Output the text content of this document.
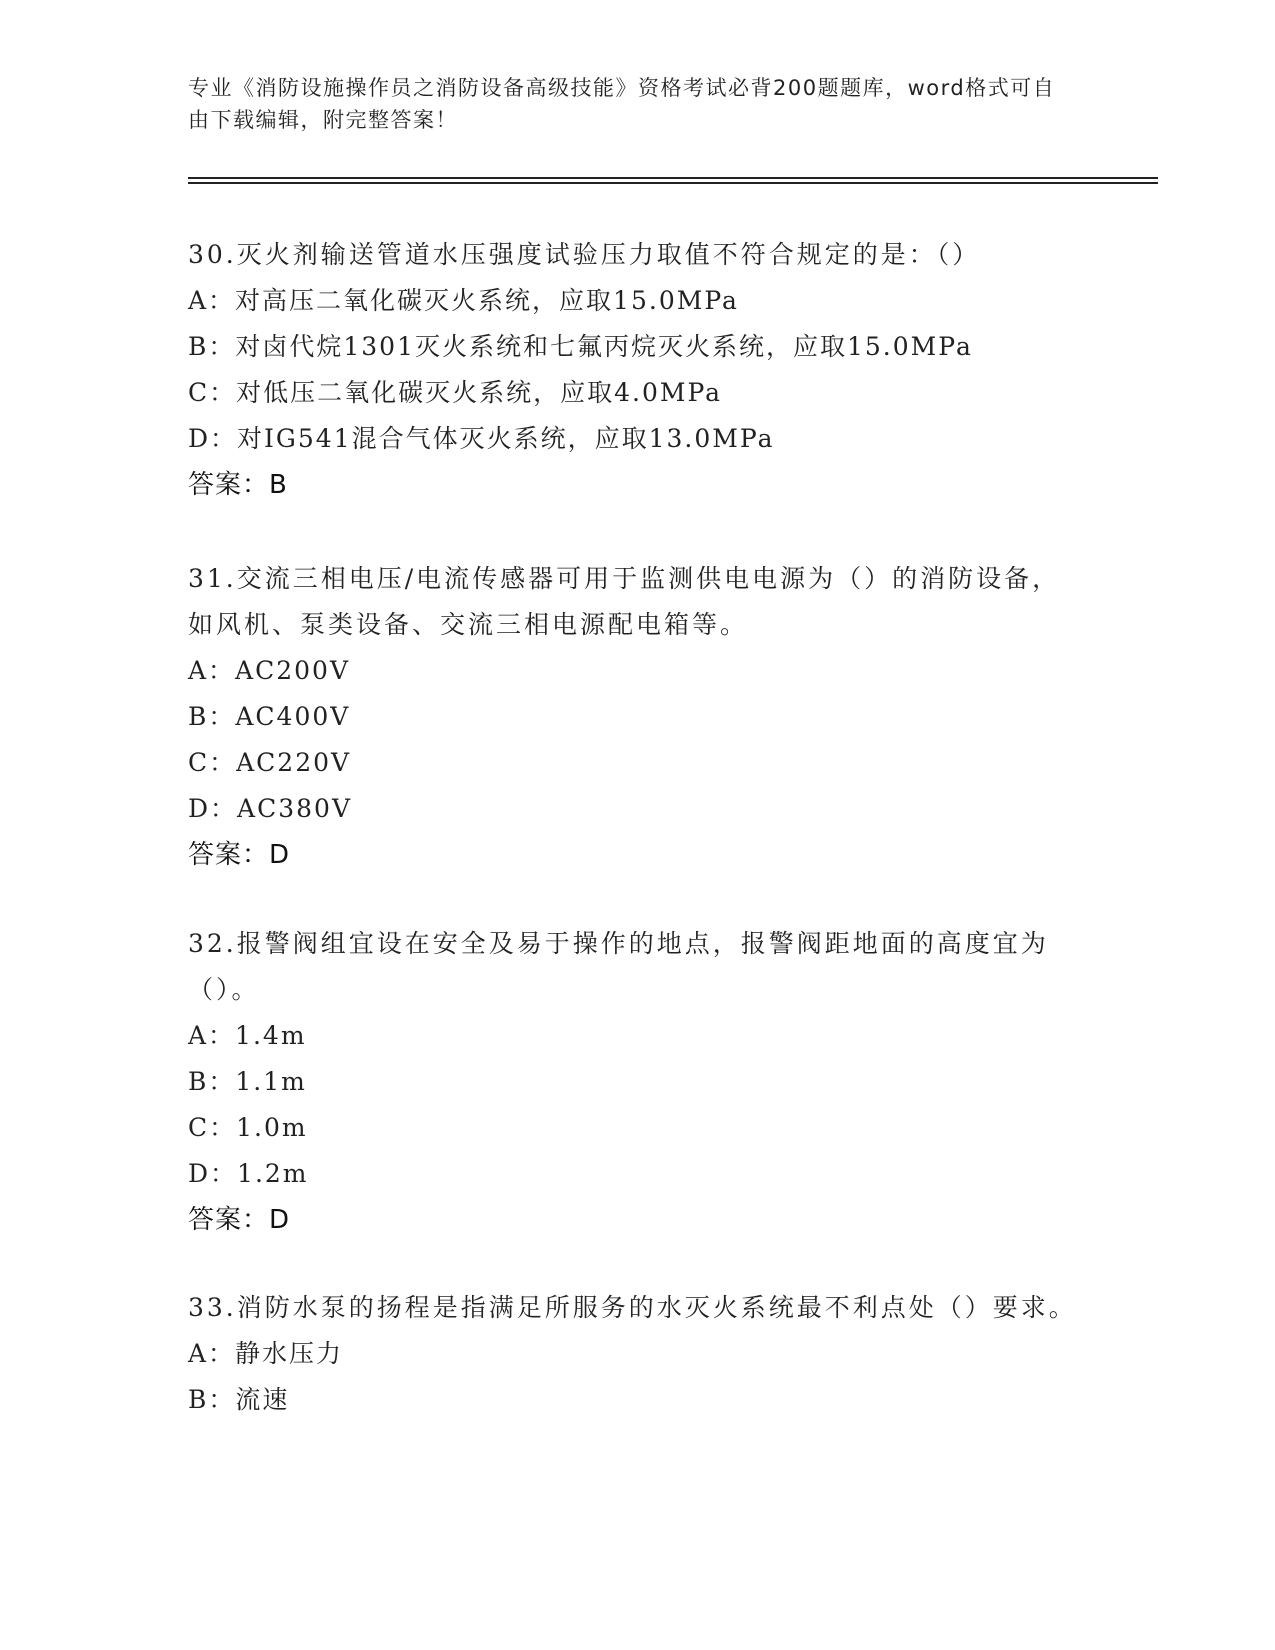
专业《消防设施操作员之消防设备高级技能》资格考试必背200题题库，word格式可自由下载编辑，附完整答案！

30.灭火剂输送管道水压强度试验压力取值不符合规定的是：（）

A：对高压二氧化碳灭火系统，应取15.0MPa

B：对卤代烷1301灭火系统和七氟丙烷灭火系统，应取15.0MPa

C：对低压二氧化碳灭火系统，应取4.0MPa

D：对IG541混合气体灭火系统，应取13.0MPa

答案：B

31.交流三相电压/电流传感器可用于监测供电电源为（）的消防设备，如风机、泵类设备、交流三相电源配电箱等。

A：AC200V

B：AC400V

C：AC220V

D：AC380V

答案：D

32.报警阀组宜设在安全及易于操作的地点，报警阀距地面的高度宜为（）。

A：1.4m

B：1.1m

C：1.0m

D：1.2m

答案：D

33.消防水泵的扬程是指满足所服务的水灭火系统最不利点处（）要求。

A：静水压力

B：流速
